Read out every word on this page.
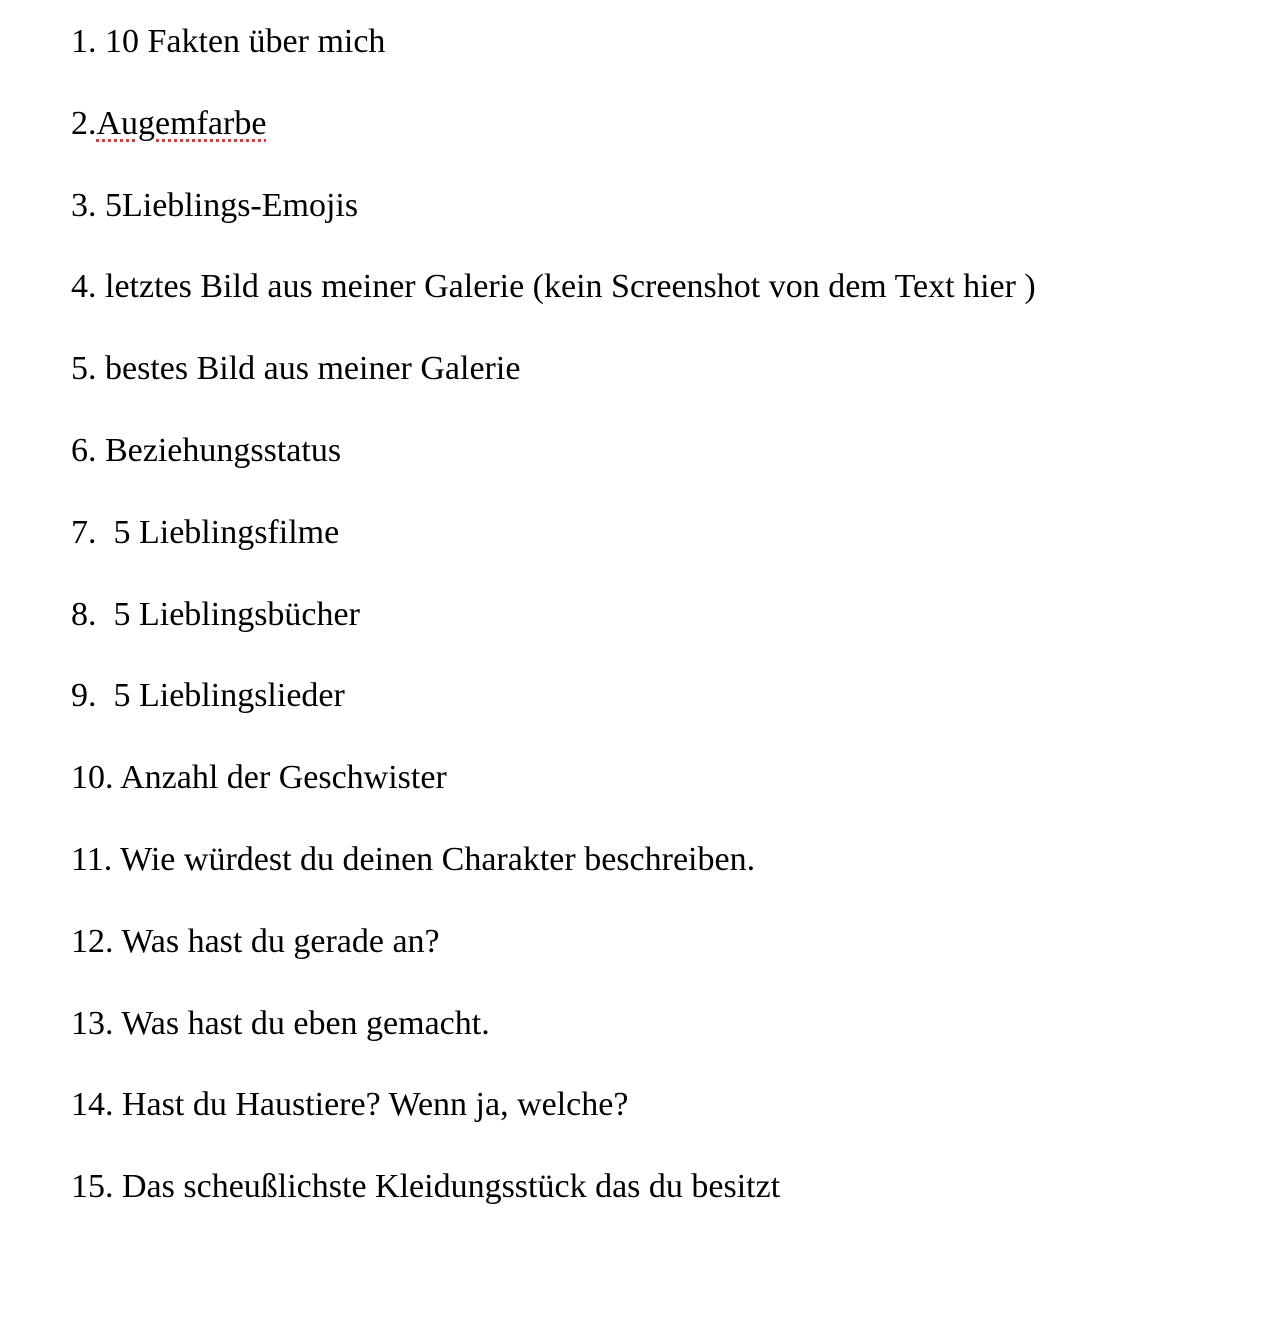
1. 10 Fakten über mich
2.Augemfarbe
3. 5Lieblings-Emojis
4. letztes Bild aus meiner Galerie (kein Screenshot von dem Text hier )
5. bestes Bild aus meiner Galerie
6. Beziehungsstatus
7.  5 Lieblingsfilme
8.  5 Lieblingsbücher
9.  5 Lieblingslieder
10. Anzahl der Geschwister
11. Wie würdest du deinen Charakter beschreiben.
12. Was hast du gerade an?
13. Was hast du eben gemacht.
14. Hast du Haustiere? Wenn ja, welche?
15. Das scheußlichste Kleidungsstück das du besitzt
